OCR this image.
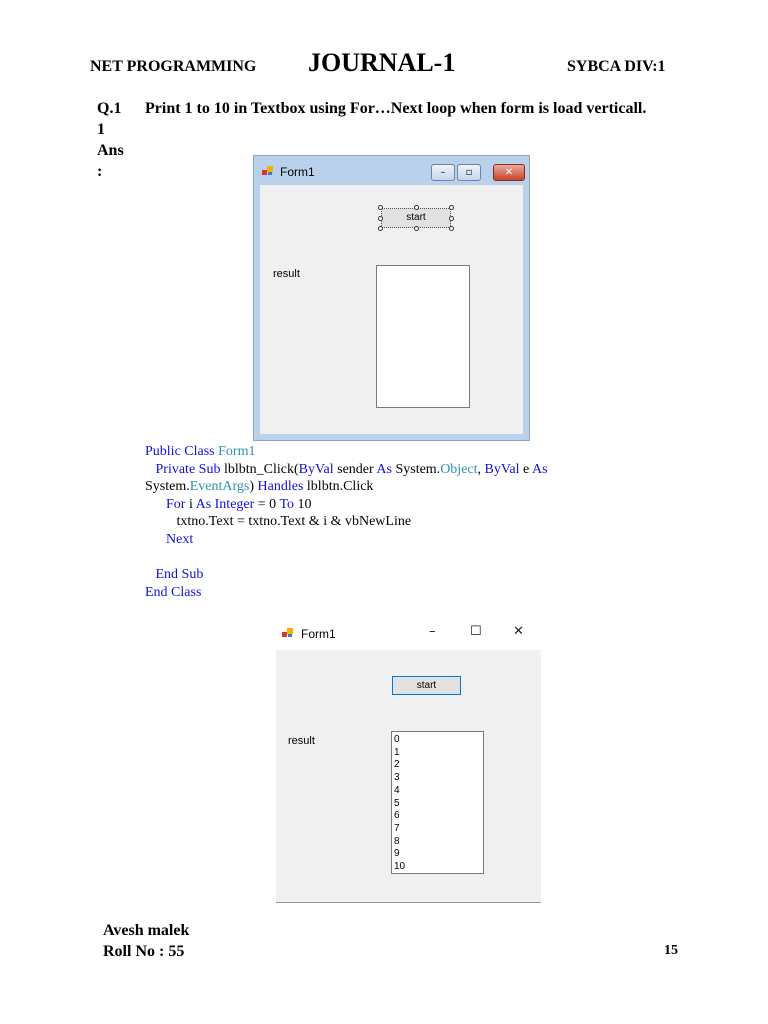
NET PROGRAMMING JOURNAL-1	SYBCA DIV:1
Q.1
1
Ans
:
Print 1 to 10 in Textbox using For…Next loop when form is load verticall.
Form1	–	▫	✕
start
result
Public Class Form1
Private Sub lblbtn_Click(ByVal sender As System.Object, ByVal e As
System.EventArgs) Handles lblbtn.Click
For i As Integer = 0 To 10
txtno.Text = txtno.Text & i & vbNewLine
Next

End Sub
End Class
Form1	–	☐ ✕
start
result	0
1
2
3
4
5
6
7
8
9
10
Avesh malek
Roll No : 55	15
